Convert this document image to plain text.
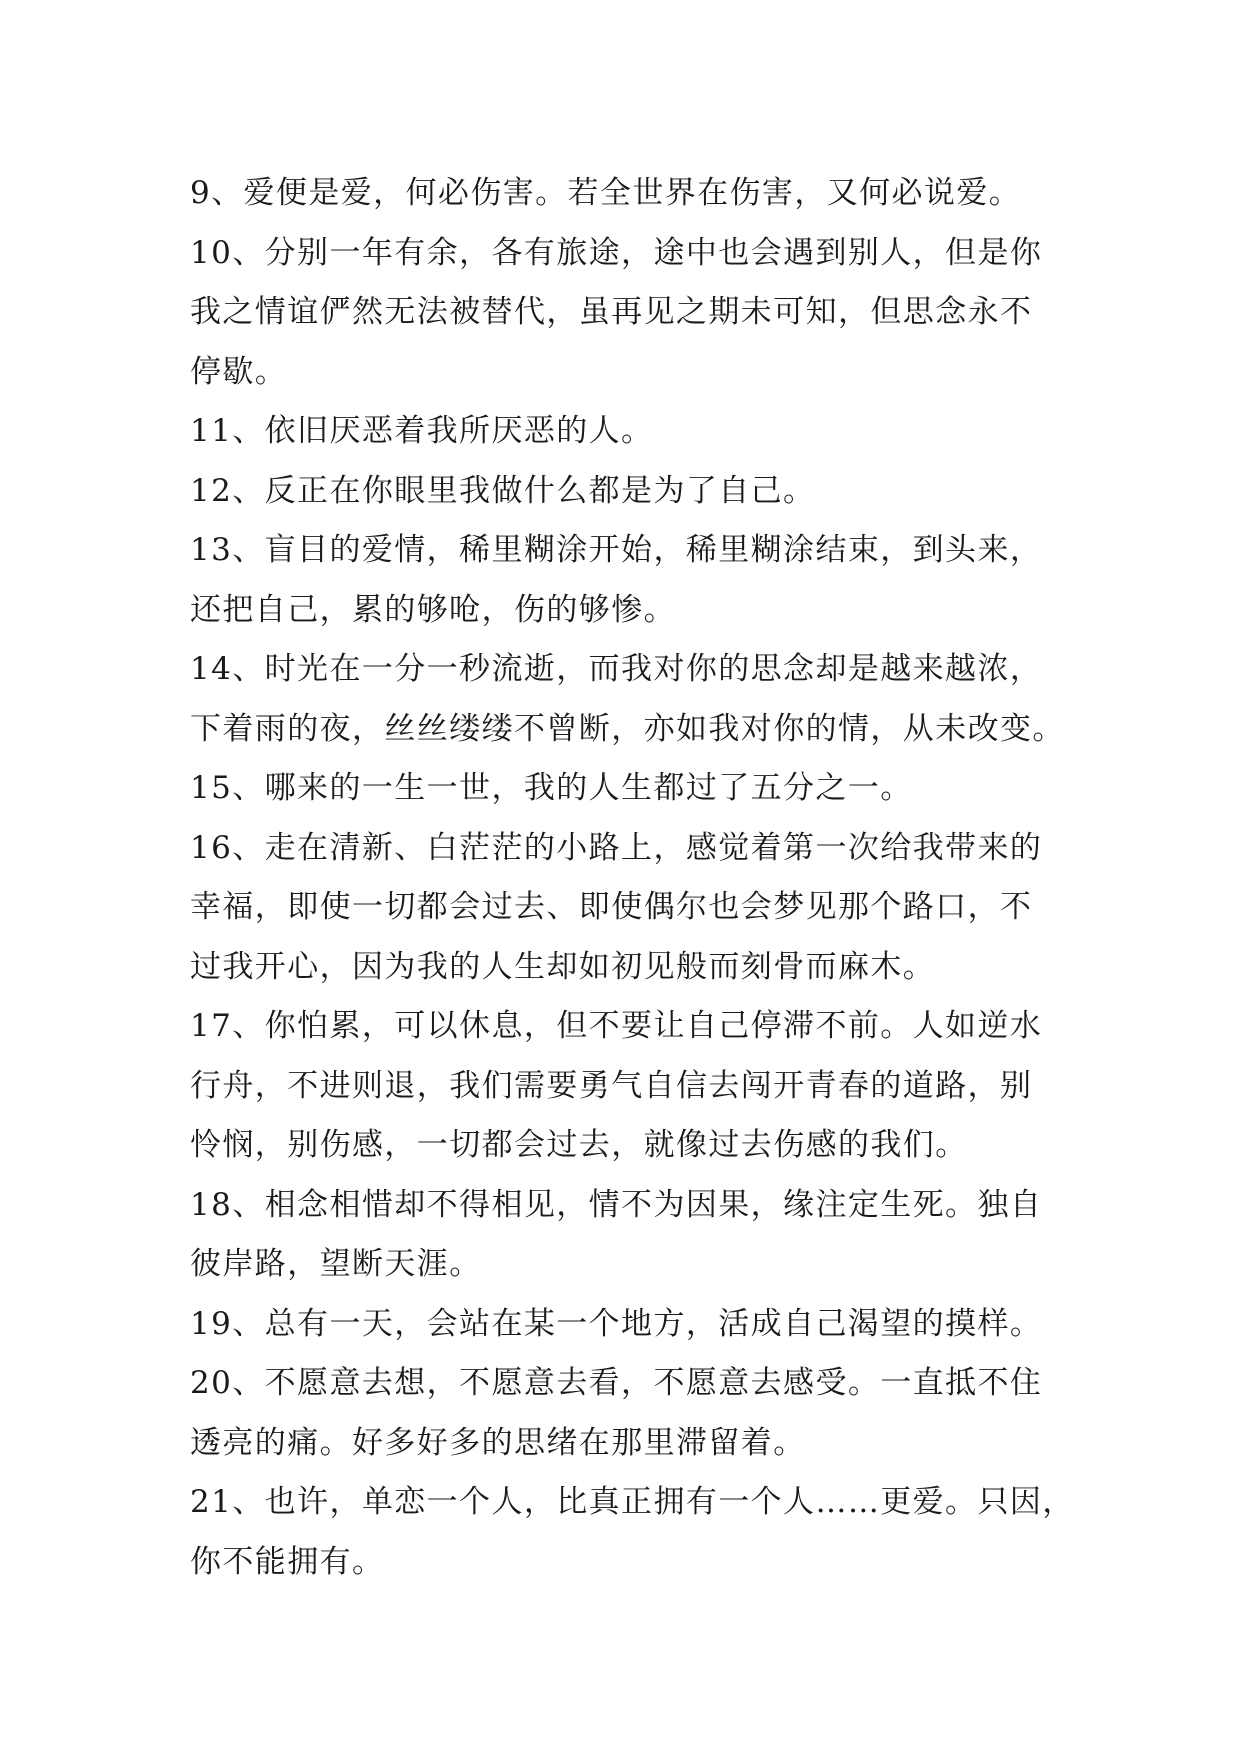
9、爱便是爱，何必伤害。若全世界在伤害，又何必说爱。

10、分别一年有余，各有旅途，途中也会遇到别人，但是你
我之情谊俨然无法被替代，虽再见之期未可知，但思念永不
停歇。

11、依旧厌恶着我所厌恶的人。

12、反正在你眼里我做什么都是为了自己。

13、盲目的爱情，稀里糊涂开始，稀里糊涂结束，到头来，
还把自己，累的够呛，伤的够惨。

14、时光在一分一秒流逝，而我对你的思念却是越来越浓，
下着雨的夜，丝丝缕缕不曾断，亦如我对你的情，从未改变。

15、哪来的一生一世，我的人生都过了五分之一。

16、走在清新、白茫茫的小路上，感觉着第一次给我带来的
幸福，即使一切都会过去、即使偶尔也会梦见那个路口，不
过我开心，因为我的人生却如初见般而刻骨而麻木。

17、你怕累，可以休息，但不要让自己停滞不前。人如逆水
行舟，不进则退，我们需要勇气自信去闯开青春的道路，别
怜悯，别伤感，一切都会过去，就像过去伤感的我们。

18、相念相惜却不得相见，情不为因果，缘注定生死。独自
彼岸路，望断天涯。

19、总有一天，会站在某一个地方，活成自己渴望的摸样。

20、不愿意去想，不愿意去看，不愿意去感受。一直抵不住
透亮的痛。好多好多的思绪在那里滞留着。

21、也许，单恋一个人，比真正拥有一个人……更爱。只因，
你不能拥有。
